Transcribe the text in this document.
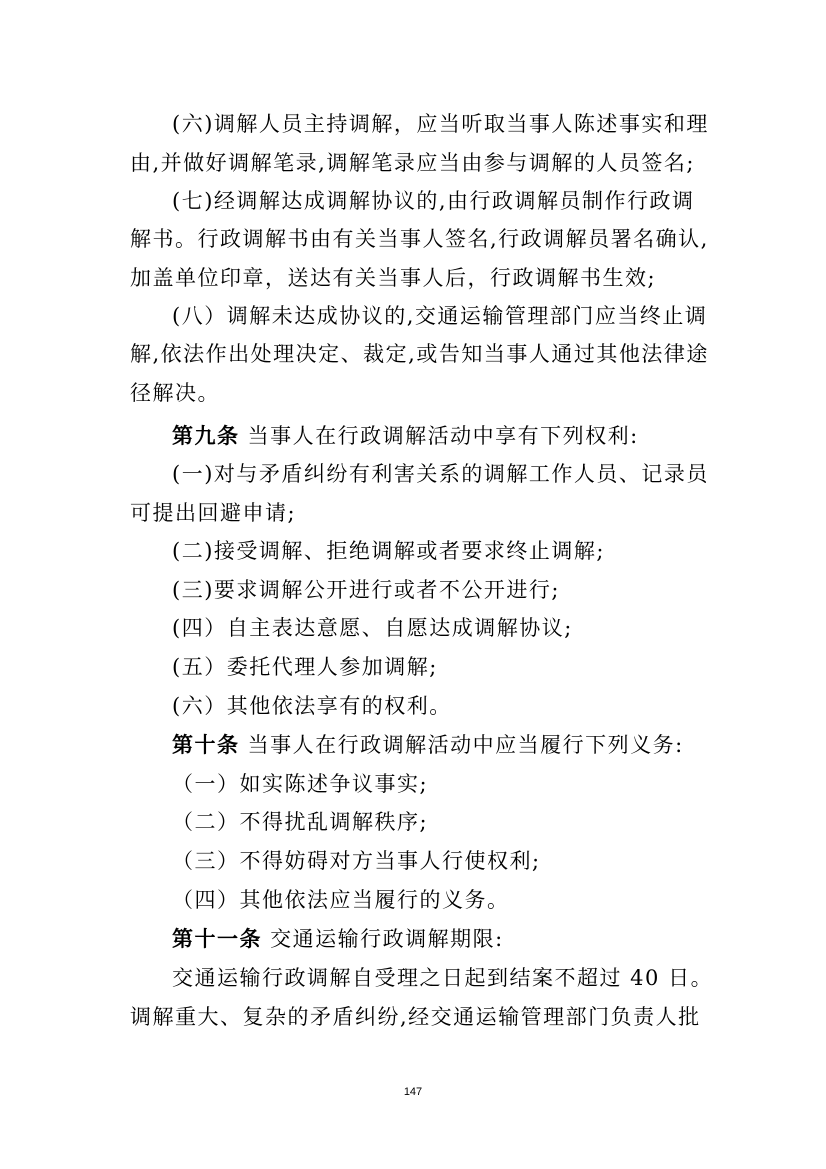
(六)调解人员主持调解，应当听取当事人陈述事实和理
由,并做好调解笔录,调解笔录应当由参与调解的人员签名;
(七)经调解达成调解协议的,由行政调解员制作行政调
解书。行政调解书由有关当事人签名,行政调解员署名确认,
加盖单位印章，送达有关当事人后，行政调解书生效;
(八）调解未达成协议的,交通运输管理部门应当终止调
解,依法作出处理决定、裁定,或告知当事人通过其他法律途
径解决。
第九条 当事人在行政调解活动中享有下列权利:
(一)对与矛盾纠纷有利害关系的调解工作人员、记录员
可提出回避申请;
(二)接受调解、拒绝调解或者要求终止调解;
(三)要求调解公开进行或者不公开进行;
(四）自主表达意愿、自愿达成调解协议;
(五）委托代理人参加调解;
(六）其他依法享有的权利。
第十条 当事人在行政调解活动中应当履行下列义务:
（一）如实陈述争议事实;
（二）不得扰乱调解秩序;
（三）不得妨碍对方当事人行使权利;
（四）其他依法应当履行的义务。
第十一条 交通运输行政调解期限:
交通运输行政调解自受理之日起到结案不超过 40 日。
调解重大、复杂的矛盾纠纷,经交通运输管理部门负责人批
147
